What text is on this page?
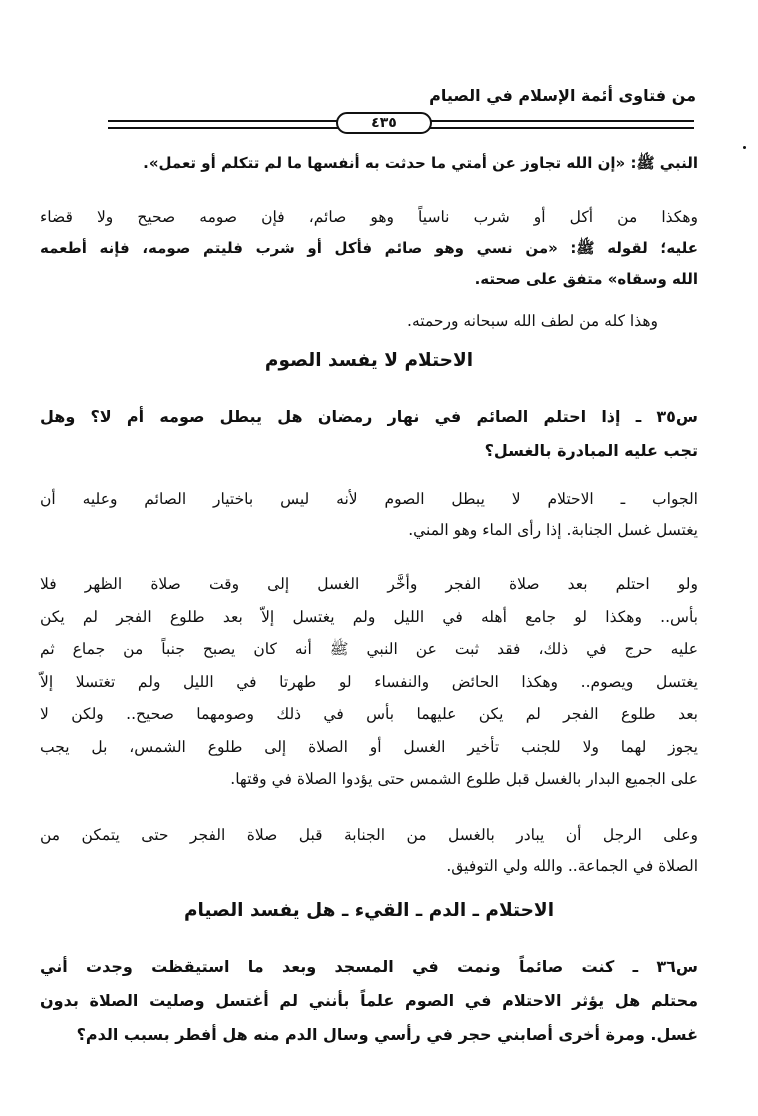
من فتاوى أئمة الإسلام في الصيام
٤٣٥

النبي ﷺ: «إن الله تجاوز عن أمتي ما حدثت به أنفسها ما لم تتكلم أو تعمل».

وهكذا من أكل أو شرب ناسياً وهو صائم، فإن صومه صحيح ولا قضاء
عليه؛ لقوله ﷺ: «من نسي وهو صائم فأكل أو شرب فليتم صومه، فإنه أطعمه
الله وسقاه» متفق على صحته.

وهذا كله من لطف الله سبحانه ورحمته.

الاحتلام لا يفسد الصوم

س٣٥ ـ إذا احتلم الصائم في نهار رمضان هل يبطل صومه أم لا؟ وهل
تجب عليه المبادرة بالغسل؟

الجواب ـ الاحتلام لا يبطل الصوم لأنه ليس باختيار الصائم وعليه أن
يغتسل غسل الجنابة. إذا رأى الماء وهو المني.

ولو احتلم بعد صلاة الفجر وأخَّر الغسل إلى وقت صلاة الظهر فلا
بأس.. وهكذا لو جامع أهله في الليل ولم يغتسل إلاّ بعد طلوع الفجر لم يكن
عليه حرج في ذلك، فقد ثبت عن النبي ﷺ أنه كان يصبح جنباً من جماع ثم
يغتسل ويصوم.. وهكذا الحائض والنفساء لو طهرتا في الليل ولم تغتسلا إلاّ
بعد طلوع الفجر لم يكن عليهما بأس في ذلك وصومهما صحيح.. ولكن لا
يجوز لهما ولا للجنب تأخير الغسل أو الصلاة إلى طلوع الشمس، بل يجب
على الجميع البدار بالغسل قبل طلوع الشمس حتى يؤدوا الصلاة في وقتها.

وعلى الرجل أن يبادر بالغسل من الجنابة قبل صلاة الفجر حتى يتمكن من
الصلاة في الجماعة.. والله ولي التوفيق.

الاحتلام ـ الدم ـ القيء ـ هل يفسد الصيام

س٣٦ ـ كنت صائماً ونمت في المسجد وبعد ما استيقظت وجدت أني
محتلم هل يؤثر الاحتلام في الصوم علماً بأنني لم أغتسل وصليت الصلاة بدون
غسل. ومرة أخرى أصابني حجر في رأسي وسال الدم منه هل أفطر بسبب الدم؟
